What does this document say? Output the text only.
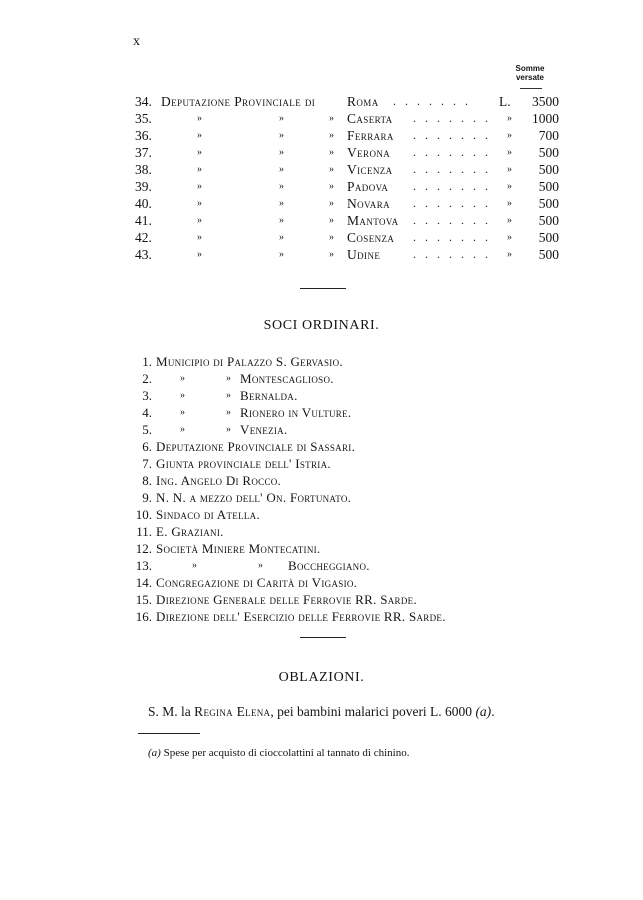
x
Somme
versate
34. Deputazione Provinciale di Roma . . . . . . . L. 3500
35.	»	»	» Caserta . . . . . . . » 1000
36.	»	»	» Ferrara . . . . . . . » 700
37.	»	»	» Verona . . . . . . . » 500
38.	»	»	» Vicenza . . . . . . . » 500
39.	»	»	» Padova . . . . . . . » 500
40.	»	»	» Novara . . . . . . . » 500
41.	»	»	» Mantova . . . . . . . » 500
42.	»	»	» Cosenza . . . . . . . » 500
43.	»	»	» Udine	. . . . . . . » 500
SOCI ORDINARI.
1. Municipio di Palazzo S. Gervasio.
2.	»	» Montescaglioso.
3.	»	» Bernalda.
4.	»	» Rionero in Vulture.
5.	»	» Venezia.
6. Deputazione Provinciale di Sassari.
7. Giunta provinciale dell' Istria.
8. Ing. Angelo Di Rocco.
9. N. N. a mezzo dell' On. Fortunato.
10. Sindaco di Atella.
11. E. Graziani.
12. Società Miniere Montecatini.
13.	»	» Boccheggiano.
14. Congregazione di Carità di Vigasio.
15. Direzione Generale delle Ferrovie RR. Sarde.
16. Direzione dell' Esercizio delle Ferrovie RR. Sarde.
OBLAZIONI.
S. M. la Regina Elena, pei bambini malarici poveri L. 6000 (a).
(a) Spese per acquisto di cioccolattini al tannato di chinino.
